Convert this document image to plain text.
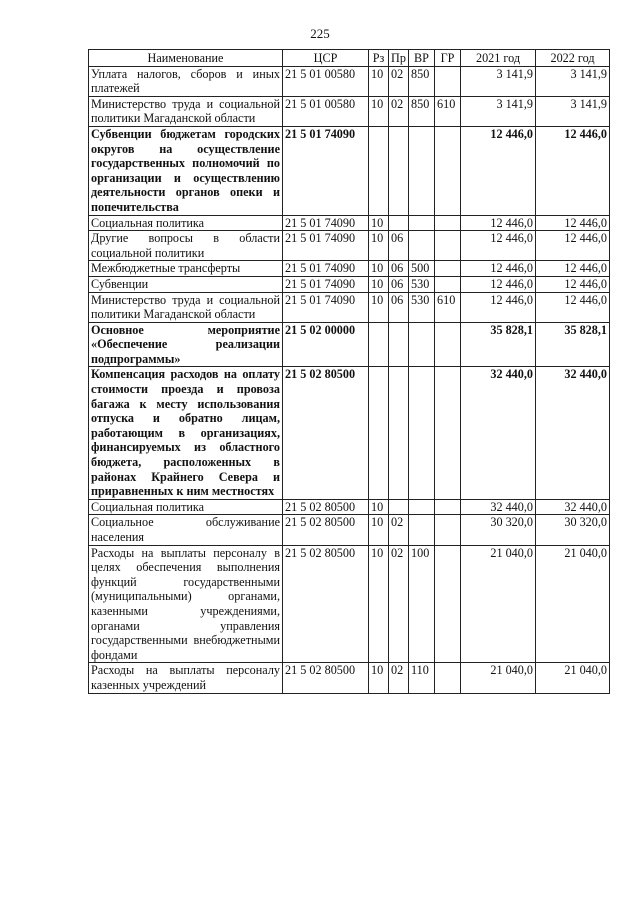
225
Наименование	ЦСР	Рз	Пр	ВР	ГР	2021 год	2022 год
Уплата налогов, сборов и иных платежей	21 5 01 00580	10	02	850		3 141,9	3 141,9
Министерство труда и социальной политики Магаданской области	21 5 01 00580	10	02	850	610	3 141,9	3 141,9
Субвенции бюджетам городских округов на осуществление государственных полномочий по организации и осуществлению деятельности органов опеки и попечительства	21 5 01 74090					12 446,0	12 446,0
Социальная политика	21 5 01 74090	10				12 446,0	12 446,0
Другие вопросы в области социальной политики	21 5 01 74090	10	06			12 446,0	12 446,0
Межбюджетные трансферты	21 5 01 74090	10	06	500		12 446,0	12 446,0
Субвенции	21 5 01 74090	10	06	530		12 446,0	12 446,0
Министерство труда и социальной политики Магаданской области	21 5 01 74090	10	06	530	610	12 446,0	12 446,0
Основное мероприятие «Обеспечение реализации подпрограммы»	21 5 02 00000					35 828,1	35 828,1
Компенсация расходов на оплату стоимости проезда и провоза багажа к месту использования отпуска и обратно лицам, работающим в организациях, финансируемых из областного бюджета, расположенных в районах Крайнего Севера и приравненных к ним местностях	21 5 02 80500					32 440,0	32 440,0
Социальная политика	21 5 02 80500	10				32 440,0	32 440,0
Социальное обслуживание населения	21 5 02 80500	10	02			30 320,0	30 320,0
Расходы на выплаты персоналу в целях обеспечения выполнения функций государственными (муниципальными) органами, казенными учреждениями, органами управления государственными внебюджетными фондами	21 5 02 80500	10	02	100		21 040,0	21 040,0
Расходы на выплаты персоналу казенных учреждений	21 5 02 80500	10	02	110		21 040,0	21 040,0
